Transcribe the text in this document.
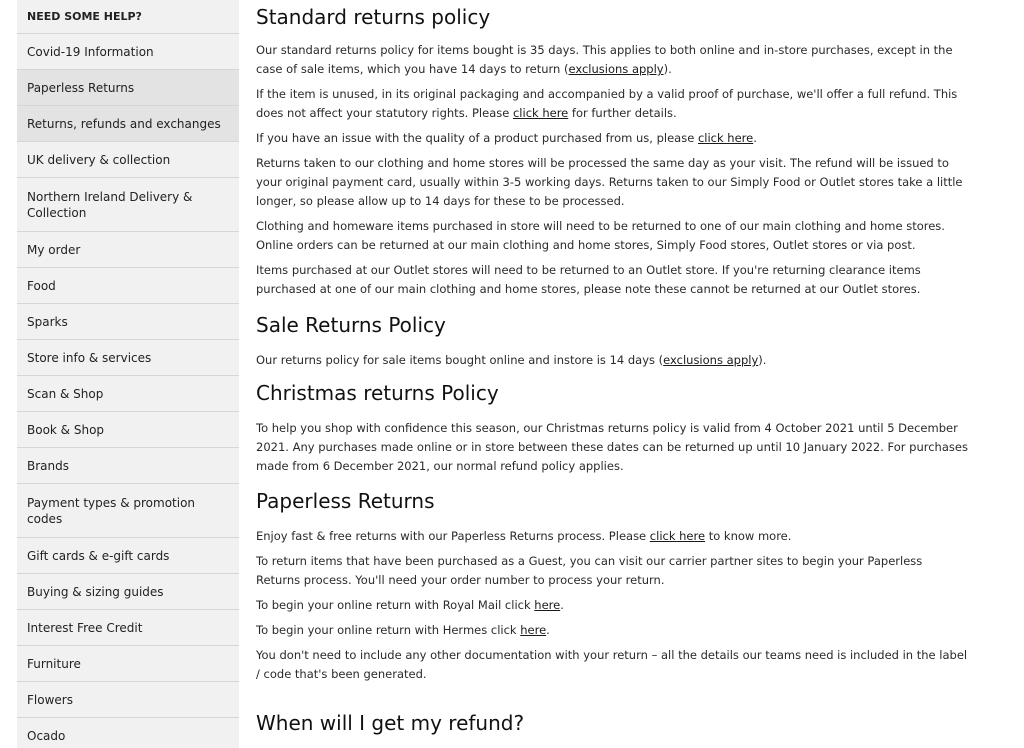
NEED SOME HELP?
Covid-19 Information
Paperless Returns
Returns, refunds and exchanges
UK delivery & collection
Northern Ireland Delivery & Collection
My order
Food
Sparks
Store info & services
Scan & Shop
Book & Shop
Brands
Payment types & promotion codes
Gift cards & e-gift cards
Buying & sizing guides
Interest Free Credit
Furniture
Flowers
Ocado
Standard returns policy

Our standard returns policy for items bought is 35 days. This applies to both online and in-store purchases, except in the case of sale items, which you have 14 days to return (exclusions apply).

If the item is unused, in its original packaging and accompanied by a valid proof of purchase, we'll offer a full refund. This does not affect your statutory rights. Please click here for further details.

If you have an issue with the quality of a product purchased from us, please click here.

Returns taken to our clothing and home stores will be processed the same day as your visit. The refund will be issued to your original payment card, usually within 3-5 working days. Returns taken to our Simply Food or Outlet stores take a little longer, so please allow up to 14 days for these to be processed.

Clothing and homeware items purchased in store will need to be returned to one of our main clothing and home stores. Online orders can be returned at our main clothing and home stores, Simply Food stores, Outlet stores or via post.

Items purchased at our Outlet stores will need to be returned to an Outlet store. If you're returning clearance items purchased at one of our main clothing and home stores, please note these cannot be returned at our Outlet stores.

Sale Returns Policy

Our returns policy for sale items bought online and instore is 14 days (exclusions apply).

Christmas returns Policy

To help you shop with confidence this season, our Christmas returns policy is valid from 4 October 2021 until 5 December 2021. Any purchases made online or in store between these dates can be returned up until 10 January 2022. For purchases made from 6 December 2021, our normal refund policy applies.

Paperless Returns

Enjoy fast & free returns with our Paperless Returns process. Please click here to know more.

To return items that have been purchased as a Guest, you can visit our carrier partner sites to begin your Paperless Returns process. You'll need your order number to process your return.

To begin your online return with Royal Mail click here.

To begin your online return with Hermes click here.

You don't need to include any other documentation with your return – all the details our teams need is included in the label / code that's been generated.

When will I get my refund?
